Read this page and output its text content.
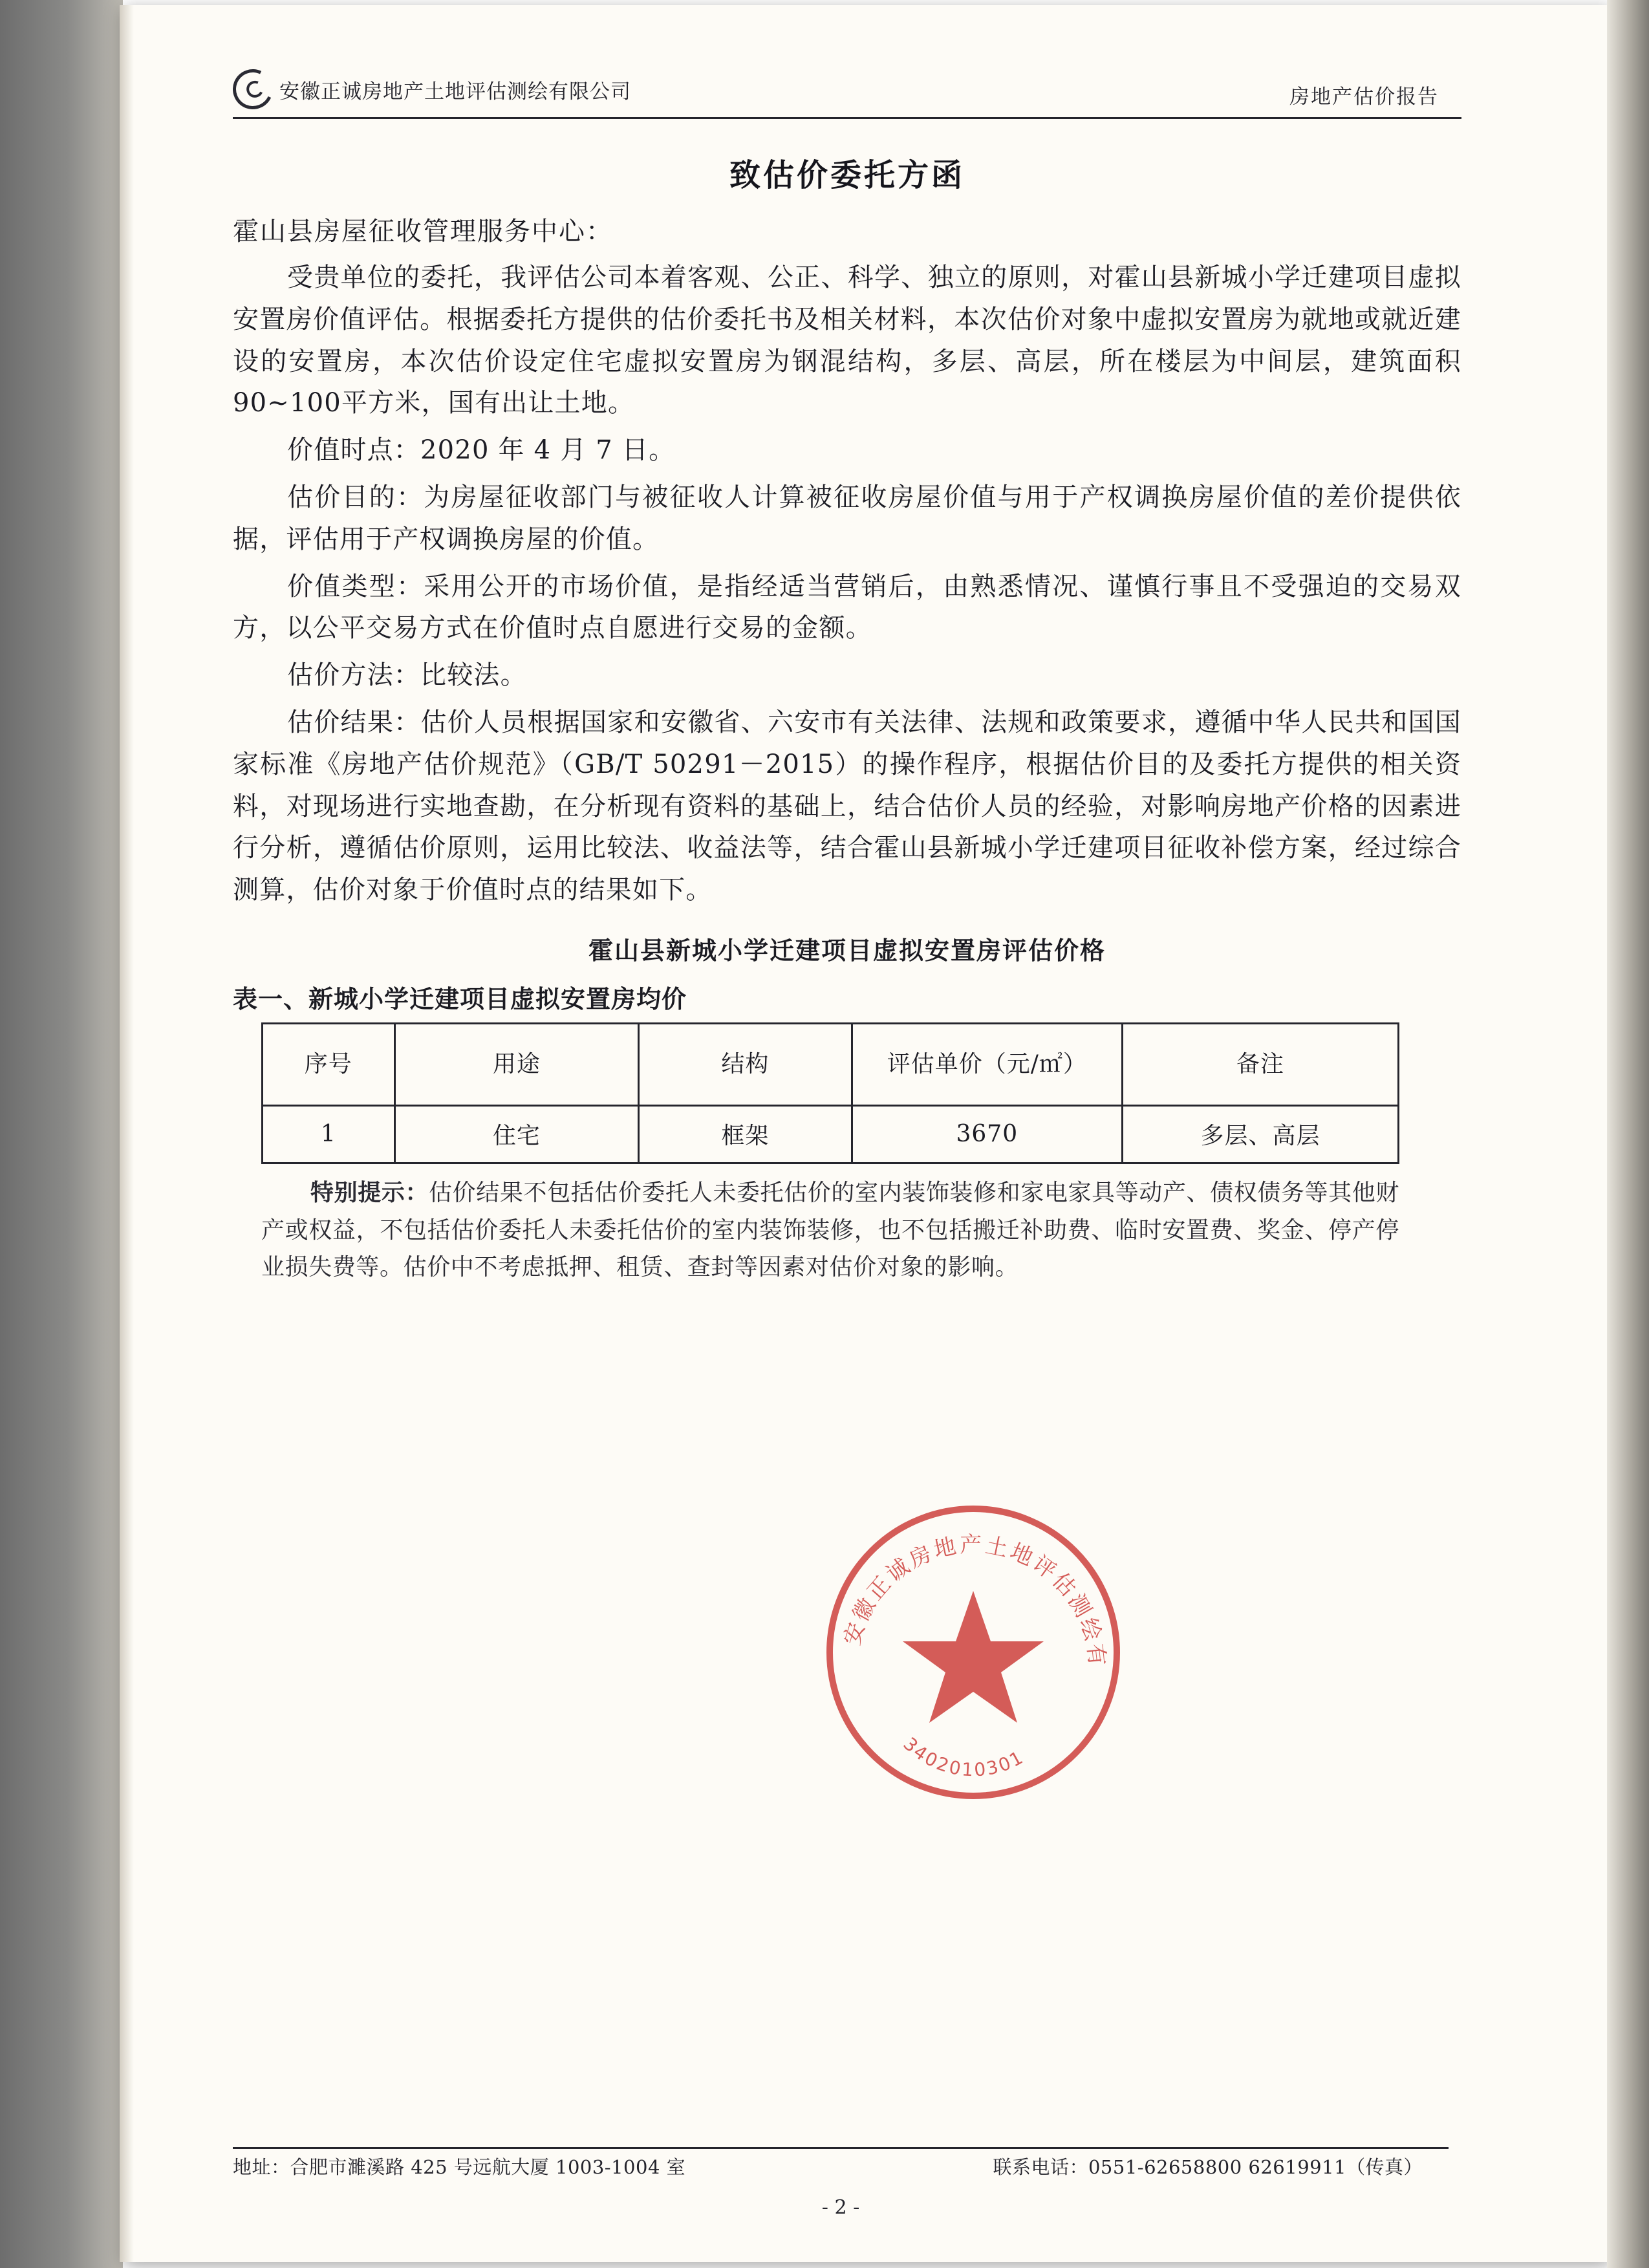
安徽正诚房地产土地评估测绘有限公司	房地产估价报告
致估价委托方函
霍山县房屋征收管理服务中心：

受贵单位的委托，我评估公司本着客观、公正、科学、独立的原则，对霍山县新城小学迁建项目虚拟安置房价值评估。根据委托方提供的估价委托书及相关材料，本次估价对象中虚拟安置房为就地或就近建设的安置房，本次估价设定住宅虚拟安置房为钢混结构，多层、高层，所在楼层为中间层，建筑面积90~100平方米，国有出让土地。

价值时点：2020 年 4 月 7 日。

估价目的：为房屋征收部门与被征收人计算被征收房屋价值与用于产权调换房屋价值的差价提供依据，评估用于产权调换房屋的价值。

价值类型：采用公开的市场价值，是指经适当营销后，由熟悉情况、谨慎行事且不受强迫的交易双方，以公平交易方式在价值时点自愿进行交易的金额。

估价方法：比较法。

估价结果：估价人员根据国家和安徽省、六安市有关法律、法规和政策要求，遵循中华人民共和国国家标准《房地产估价规范》（GB/T 50291－2015）的操作程序，根据估价目的及委托方提供的相关资料，对现场进行实地查勘，在分析现有资料的基础上，结合估价人员的经验，对影响房地产价格的因素进行分析，遵循估价原则，运用比较法、收益法等，结合霍山县新城小学迁建项目征收补偿方案，经过综合测算，估价对象于价值时点的结果如下。

霍山县新城小学迁建项目虚拟安置房评估价格
表一、新城小学迁建项目虚拟安置房均价
序号	用途	结构	评估单价（元/㎡）	备注
1	住宅	框架	3670	多层、高层
特别提示：估价结果不包括估价委托人未委托估价的室内装饰装修和家电家具等动产、债权债务等其他财产或权益，不包括估价委托人未委托估价的室内装饰装修，也不包括搬迁补助费、临时安置费、奖金、停产停业损失费等。估价中不考虑抵押、租赁、查封等因素对估价对象的影响。
安徽正诚房地产土地评估测绘有
3402010301
地址：合肥市濉溪路 425 号远航大厦 1003-1004 室	联系电话：0551-62658800 62619911（传真）
- 2 -
